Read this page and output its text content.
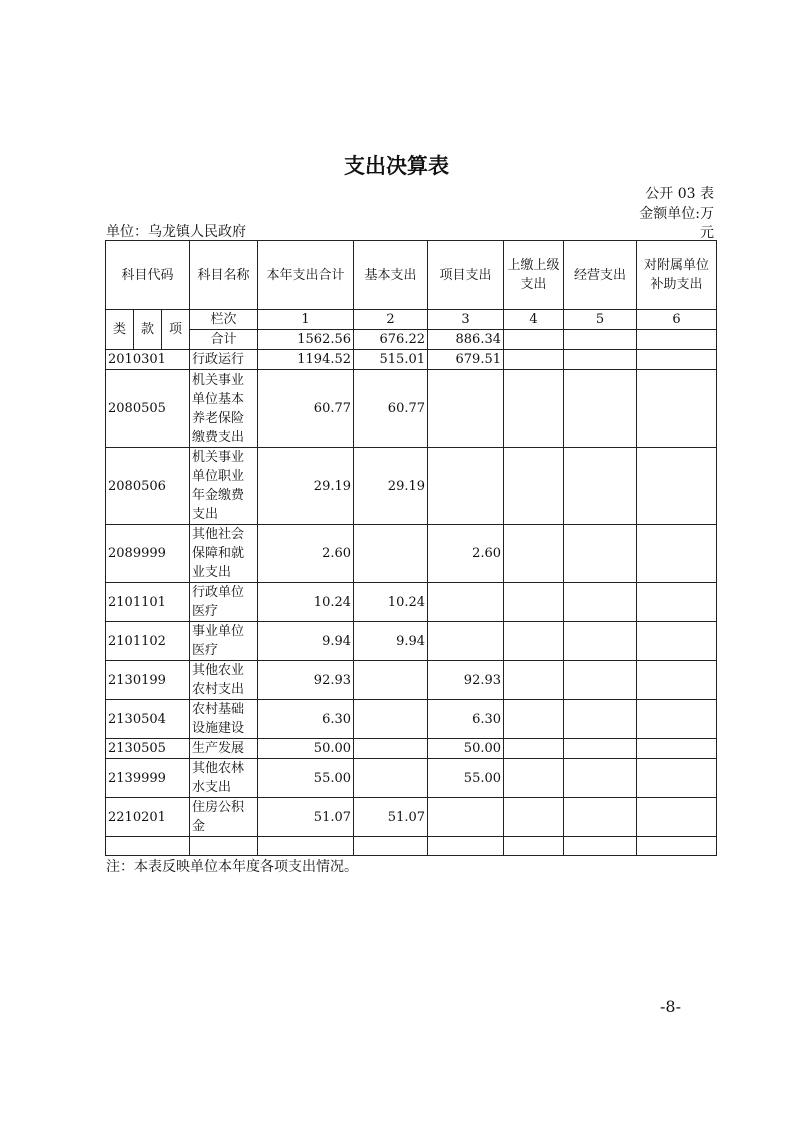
支出决算表
公开 03 表
金额单位:万
元
单位：乌龙镇人民政府
科目代码			科目名称	本年支出合计	基本支出	项目支出	上缴上级支出	经营支出	对附属单位补助支出
类	款	项	栏次	1	2	3	4	5	6
			合计	1562.56	676.22	886.34			
2010301			行政运行	1194.52	515.01	679.51			
2080505			机关事业单位基本养老保险缴费支出	60.77	60.77				
2080506			机关事业单位职业年金缴费支出	29.19	29.19				
2089999			其他社会保障和就业支出	2.60		2.60			
2101101			行政单位医疗	10.24	10.24				
2101102			事业单位医疗	9.94	9.94				
2130199			其他农业农村支出	92.93		92.93			
2130504			农村基础设施建设	6.30		6.30			
2130505			生产发展	50.00		50.00			
2139999			其他农林水支出	55.00		55.00			
2210201			住房公积金	51.07	51.07				

注：本表反映单位本年度各项支出情况。
-8-
